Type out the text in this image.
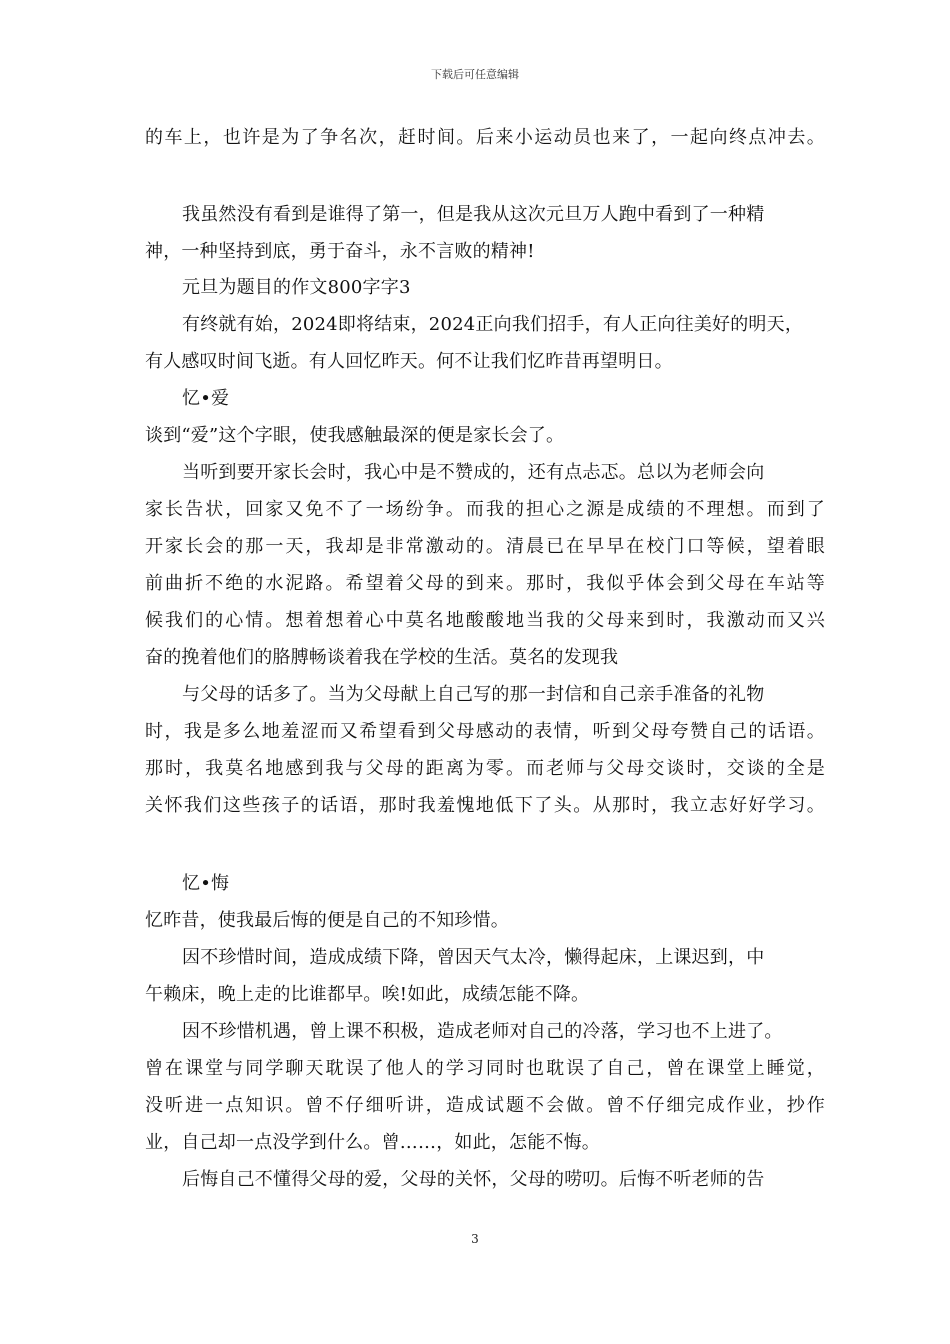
下载后可任意编辑
的车上，也许是为了争名次，赶时间。后来小运动员也来了，一起向终点冲去。
我虽然没有看到是谁得了第一，但是我从这次元旦万人跑中看到了一种精
神，一种坚持到底，勇于奋斗，永不言败的精神!
元旦为题目的作文800字字3
有终就有始，2024即将结束，2024正向我们招手，有人正向往美好的明天，
有人感叹时间飞逝。有人回忆昨天。何不让我们忆昨昔再望明日。
忆•爱
谈到“爱”这个字眼，使我感触最深的便是家长会了。
当听到要开家长会时，我心中是不赞成的，还有点忐忑。总以为老师会向
家长告状，回家又免不了一场纷争。而我的担心之源是成绩的不理想。而到了
开家长会的那一天，我却是非常激动的。清晨已在早早在校门口等候，望着眼
前曲折不绝的水泥路。希望着父母的到来。那时，我似乎体会到父母在车站等
候我们的心情。想着想着心中莫名地酸酸地当我的父母来到时，我激动而又兴
奋的挽着他们的胳膊畅谈着我在学校的生活。莫名的发现我
与父母的话多了。当为父母献上自己写的那一封信和自己亲手准备的礼物
时，我是多么地羞涩而又希望看到父母感动的表情，听到父母夸赞自己的话语。
那时，我莫名地感到我与父母的距离为零。而老师与父母交谈时，交谈的全是
关怀我们这些孩子的话语，那时我羞愧地低下了头。从那时，我立志好好学习。
忆•悔
忆昨昔，使我最后悔的便是自己的不知珍惜。
因不珍惜时间，造成成绩下降，曾因天气太冷，懒得起床，上课迟到，中
午赖床，晚上走的比谁都早。唉!如此，成绩怎能不降。
因不珍惜机遇，曾上课不积极，造成老师对自己的冷落，学习也不上进了。
曾在课堂与同学聊天耽误了他人的学习同时也耽误了自己，曾在课堂上睡觉，
没听进一点知识。曾不仔细听讲，造成试题不会做。曾不仔细完成作业，抄作
业，自己却一点没学到什么。曾……，如此，怎能不悔。
后悔自己不懂得父母的爱，父母的关怀，父母的唠叨。后悔不听老师的告
3
